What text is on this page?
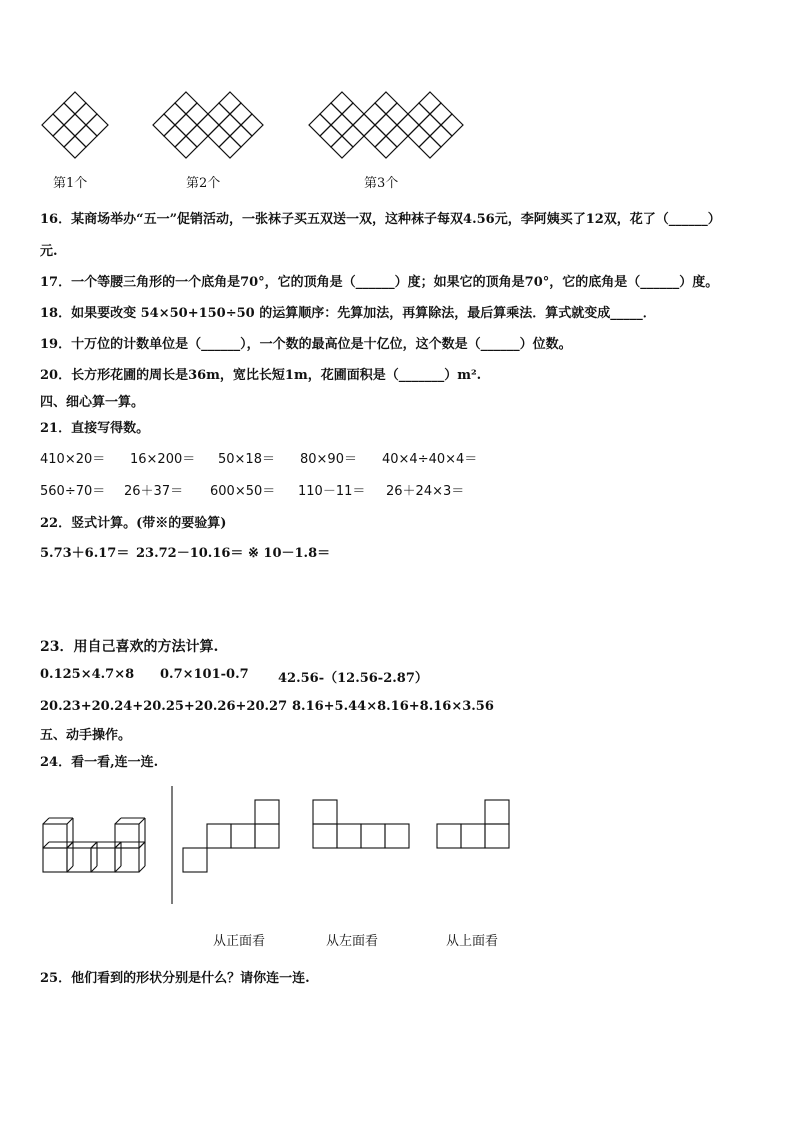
第1个	第2个	第3个
16．某商场举办“五一”促销活动，一张袜子买五双送一双，这种袜子每双4.56元，李阿姨买了12双，花了（______）
元.
17．一个等腰三角形的一个底角是70°，它的顶角是（______）度；如果它的顶角是70°，它的底角是（______）度。
18．如果要改变 54×50+150÷50 的运算顺序：先算加法，再算除法，最后算乘法．算式就变成_____．
19．十万位的计数单位是（______），一个数的最高位是十亿位，这个数是（______）位数。
20．长方形花圃的周长是36m，宽比长短1m，花圃面积是（_______）m².
四、细心算一算。
21．直接写得数。
410×20＝ 16×200＝ 50×18＝ 80×90＝ 40×4÷40×4＝
560÷70＝ 26＋37＝ 600×50＝ 110－11＝ 26＋24×3＝
22．竖式计算。(带※的要验算)
5.73＋6.17＝ 23.72－10.16＝ ※ 10－1.8＝
23．用自己喜欢的方法计算.
0.125×4.7×8 0.7×101-0.7 42.56-（12.56-2.87）
20.23+20.24+20.25+20.26+20.27 8.16+5.44×8.16+8.16×3.56
五、动手操作。
24．看一看,连一连.
从正面看	从左面看	从上面看
25．他们看到的形状分别是什么？请你连一连.
